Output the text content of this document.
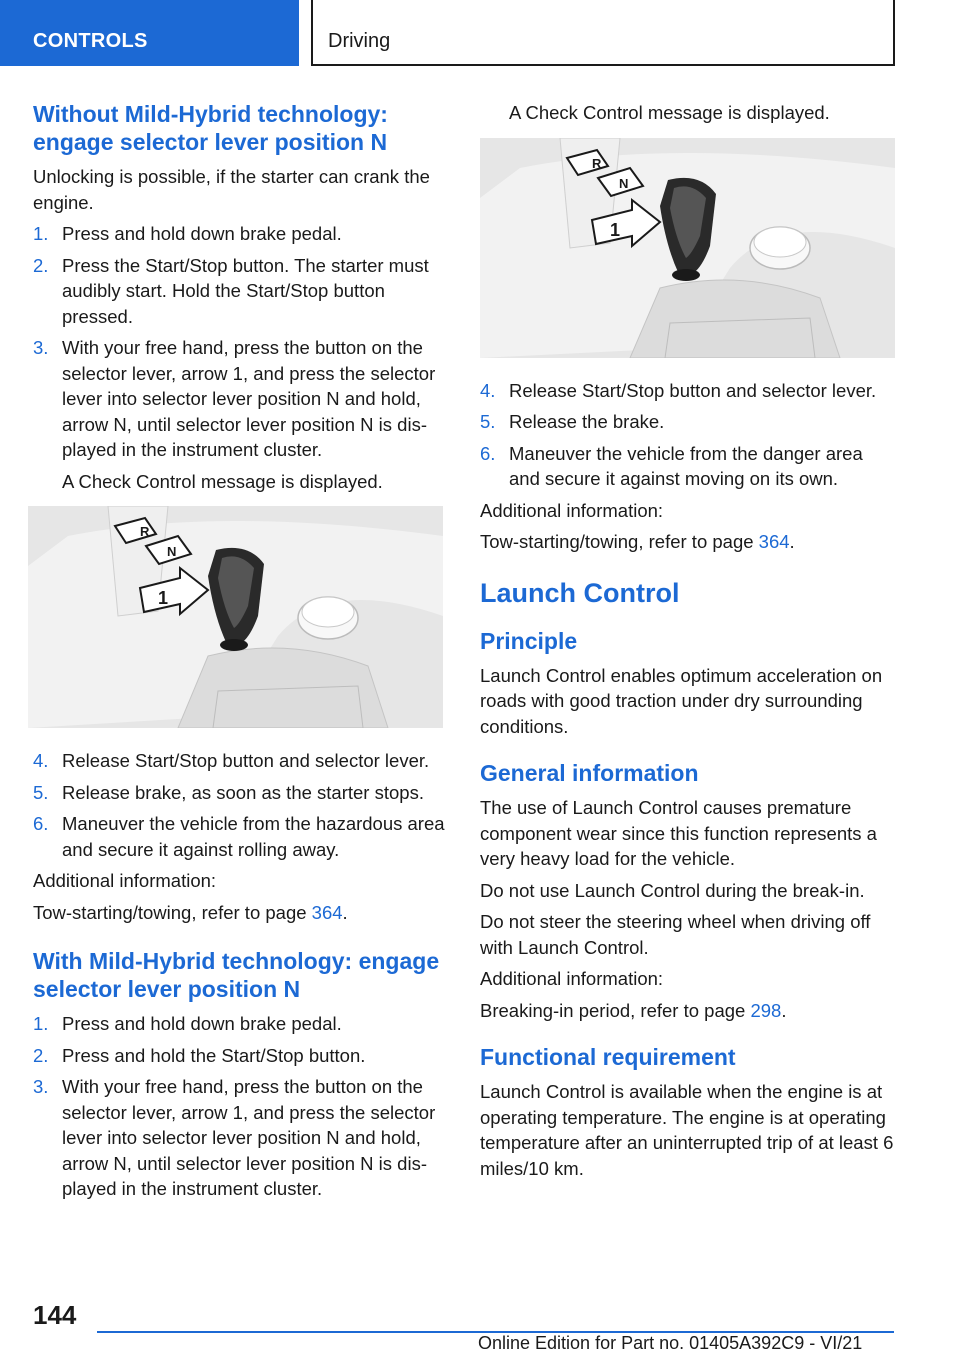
CONTROLS	Driving
Without Mild-Hybrid technology: engage selector lever position N

Unlocking is possible, if the starter can crank the engine.

1. Press and hold down brake pedal.
2. Press the Start/Stop button. The starter must audibly start. Hold the Start/Stop button pressed.
3. With your free hand, press the button on the selector lever, arrow 1, and press the selector lever into selector lever position N and hold, arrow N, until selector lever position N is displayed in the instrument cluster.

A Check Control message is displayed.

R
N
1
4. Release Start/Stop button and selector lever.
5. Release brake, as soon as the starter stops.
6. Maneuver the vehicle from the hazardous area and secure it against rolling away.

Additional information:

Tow-starting/towing, refer to page 364.

With Mild-Hybrid technology: engage selector lever position N
1. Press and hold down brake pedal.
2. Press and hold the Start/Stop button.
3. With your free hand, press the button on the selector lever, arrow 1, and press the selector lever into selector lever position N and hold, arrow N, until selector lever position N is displayed in the instrument cluster.

A Check Control message is displayed.

R
N
1
4. Release Start/Stop button and selector lever.
5. Release the brake.
6. Maneuver the vehicle from the danger area and secure it against moving on its own.

Additional information:

Tow-starting/towing, refer to page 364.

Launch Control
Principle

Launch Control enables optimum acceleration on roads with good traction under dry surrounding conditions.

General information

The use of Launch Control causes premature component wear since this function represents a very heavy load for the vehicle.

Do not use Launch Control during the break-in.

Do not steer the steering wheel when driving off with Launch Control.

Additional information:

Breaking-in period, refer to page 298.

Functional requirement

Launch Control is available when the engine is at operating temperature. The engine is at operating temperature after an uninterrupted trip of at least 6 miles/10 km.

144
Online Edition for Part no. 01405A392C9 - VI/21
